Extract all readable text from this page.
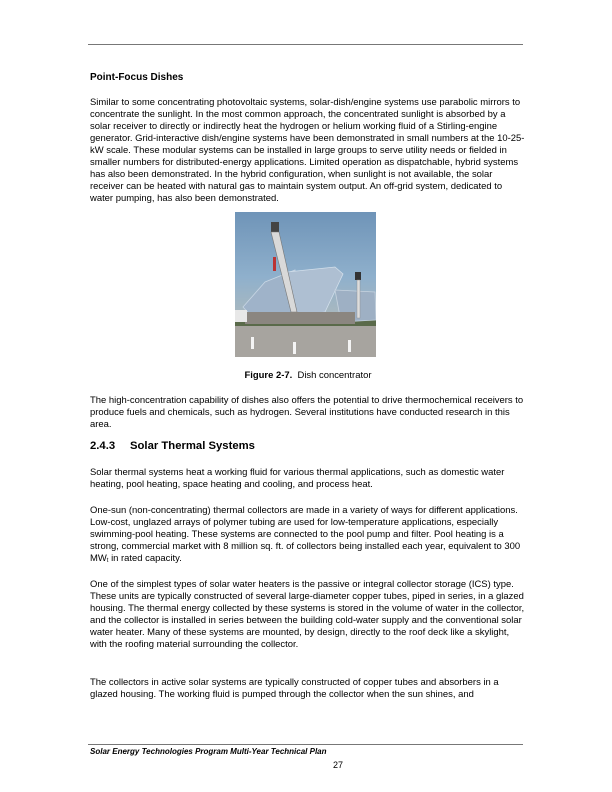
Point-Focus Dishes

Similar to some concentrating photovoltaic systems, solar-dish/engine systems use parabolic mirrors to concentrate the sunlight. In the most common approach, the concentrated sunlight is absorbed by a solar receiver to directly or indirectly heat the hydrogen or helium working fluid of a Stirling-engine generator. Grid-interactive dish/engine systems have been demonstrated in small numbers at the 10-25-kW scale. These modular systems can be installed in large groups to serve utility needs or fielded in smaller numbers for distributed-energy applications. Limited operation as dispatchable, hybrid systems has also been demonstrated. In the hybrid configuration, when sunlight is not available, the solar receiver can be heated with natural gas to maintain system output. An off-grid system, dedicated to water pumping, has also been demonstrated.

Figure 2-7. Dish concentrator

The high-concentration capability of dishes also offers the potential to drive thermochemical receivers to produce fuels and chemicals, such as hydrogen. Several institutions have conducted research in this area.

2.4.3 Solar Thermal Systems

Solar thermal systems heat a working fluid for various thermal applications, such as domestic water heating, pool heating, space heating and cooling, and process heat.

One-sun (non-concentrating) thermal collectors are made in a variety of ways for different applications. Low-cost, unglazed arrays of polymer tubing are used for low-temperature applications, especially swimming-pool heating. These systems are connected to the pool pump and filter. Pool heating is a strong, commercial market with 8 million sq. ft. of collectors being installed each year, equivalent to 300 $MW_t$ in rated capacity.

One of the simplest types of solar water heaters is the passive or integral collector storage (ICS) type. These units are typically constructed of several large-diameter copper tubes, piped in series, in a glazed housing. The thermal energy collected by these systems is stored in the volume of water in the collector, and the collector is installed in series between the building cold-water supply and the conventional solar water heater. Many of these systems are mounted, by design, directly to the roof deck like a skylight, with the roofing material surrounding the collector.

The collectors in active solar systems are typically constructed of copper tubes and absorbers in a glazed housing. The working fluid is pumped through the collector when the sun shines, and

Solar Energy Technologies Program Multi-Year Technical Plan
27
